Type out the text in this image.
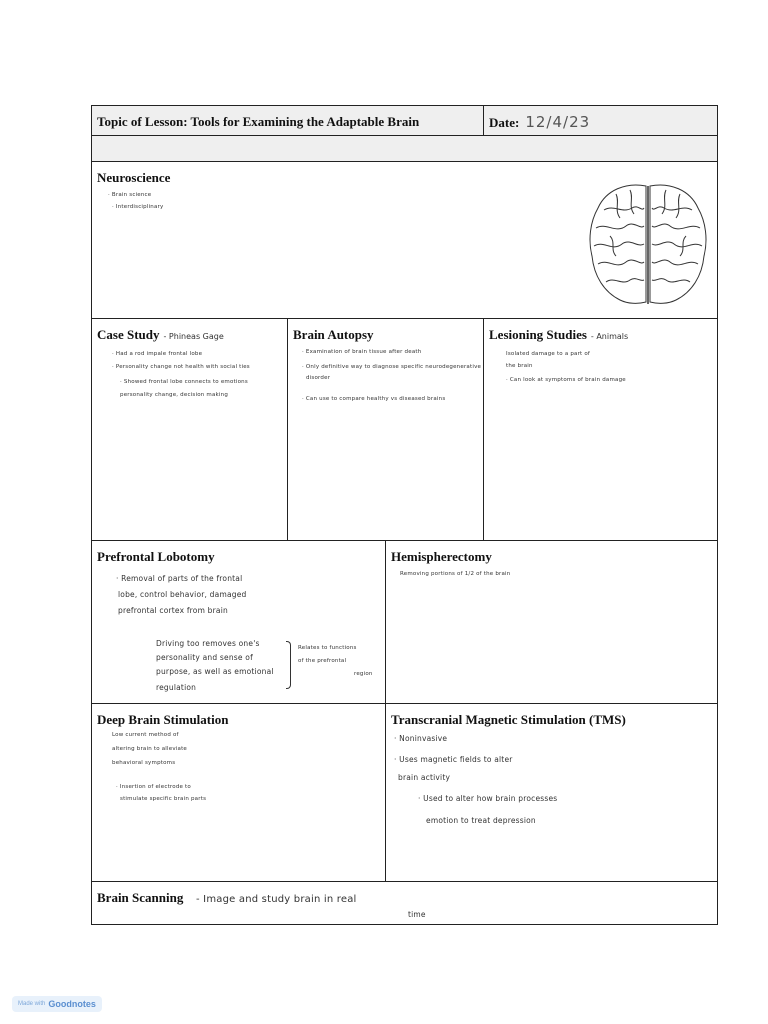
Topic of Lesson: Tools for Examining the Adaptable Brain	Date: 12/4/23
Neuroscience
· Brain science
· Interdisciplinary
Case Study - Phineas Gage
· Had a rod impale frontal lobe
· Personality change not health with social ties
· Showed frontal lobe connects to emotions
personality change, decision making
Brain Autopsy
· Examination of brain tissue after death
· Only definitive way to diagnose specific neurodegenerative
disorder
· Can use to compare healthy vs diseased brains
Lesioning Studies - Animals
Isolated damage to a part of
the brain
· Can look at symptoms of brain damage
Prefrontal Lobotomy
· Removal of parts of the frontal
lobe, control behavior, damaged
prefrontal cortex from brain
Driving too removes one's
personality and sense of
purpose, as well as emotional
regulation
Relates to functions
of the prefrontal
region
Hemispherectomy
Removing portions of 1/2 of the brain
Deep Brain Stimulation
Low current method of
altering brain to alleviate
behavioral symptoms
· Insertion of electrode to
stimulate specific brain parts
Transcranial Magnetic Stimulation (TMS)
· Noninvasive
· Uses magnetic fields to alter
brain activity
· Used to alter how brain processes
emotion to treat depression
Brain Scanning - Image and study brain in real
time
Made with Goodnotes
